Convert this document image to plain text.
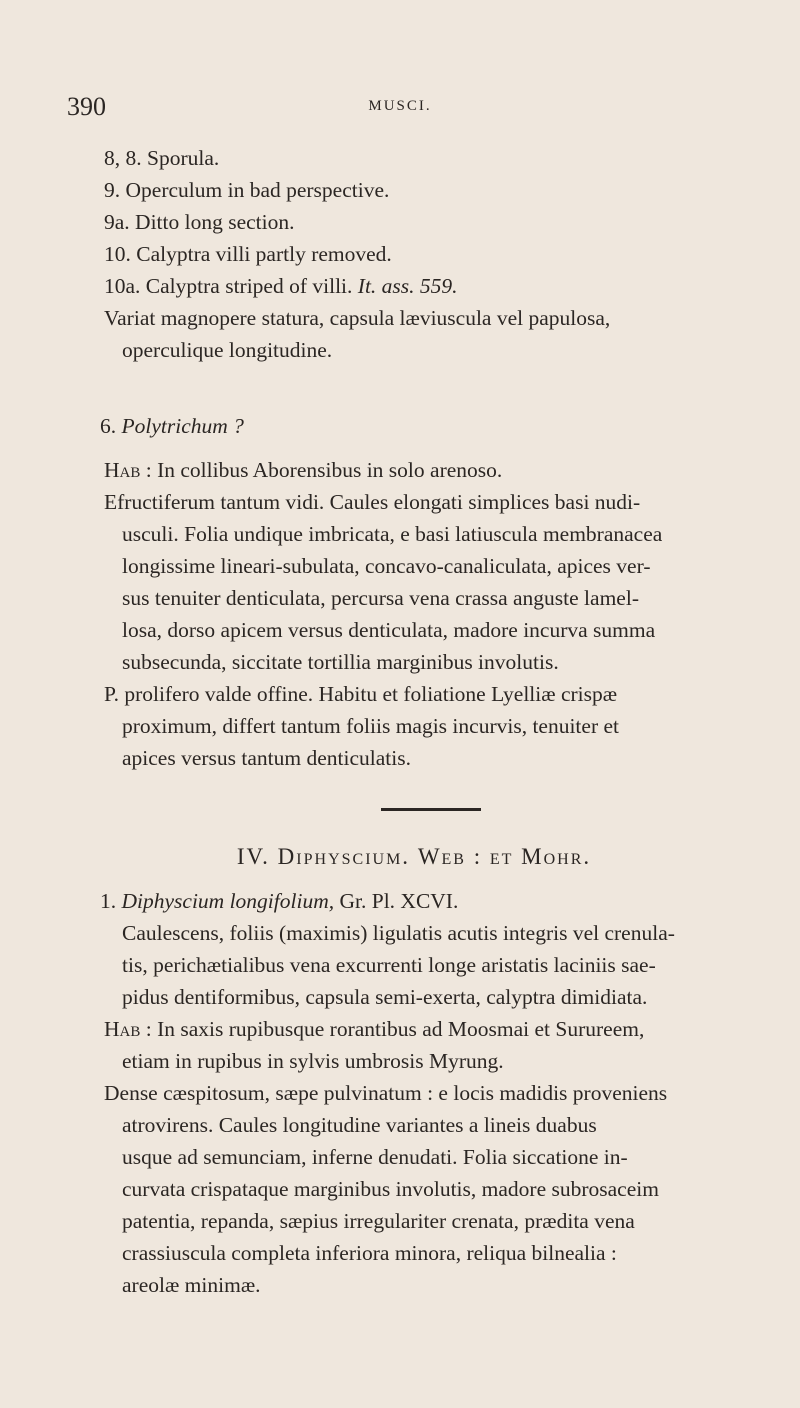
390	MUSCI.
8, 8. Sporula.
9. Operculum in bad perspective.
9a. Ditto long section.
10. Calyptra villi partly removed.
10a. Calyptra striped of villi. It. ass. 559.
Variat magnopere statura, capsula læviuscula vel papulosa,
operculique longitudine.
6. Polytrichum ?
Hab : In collibus Aborensibus in solo arenoso.
Efructiferum tantum vidi. Caules elongati simplices basi nudi-
usculi. Folia undique imbricata, e basi latiuscula membranacea
longissime lineari-subulata, concavo-canaliculata, apices ver-
sus tenuiter denticulata, percursa vena crassa anguste lamel-
losa, dorso apicem versus denticulata, madore incurva summa
subsecunda, siccitate tortillia marginibus involutis.
P. prolifero valde offine. Habitu et foliatione Lyelliæ crispæ
proximum, differt tantum foliis magis incurvis, tenuiter et
apices versus tantum denticulatis.
IV. Diphyscium. Web : et Mohr.
1. Diphyscium longifolium, Gr. Pl. XCVI.
Caulescens, foliis (maximis) ligulatis acutis integris vel crenula-
tis, perichætialibus vena excurrenti longe aristatis laciniis sae-
pidus dentiformibus, capsula semi-exerta, calyptra dimidiata.
Hab : In saxis rupibusque rorantibus ad Moosmai et Surureem,
etiam in rupibus in sylvis umbrosis Myrung.
Dense cæspitosum, sæpe pulvinatum : e locis madidis proveniens
atrovirens. Caules longitudine variantes a lineis duabus
usque ad semunciam, inferne denudati. Folia siccatione in-
curvata crispataque marginibus involutis, madore subrosaceim
patentia, repanda, sæpius irregulariter crenata, prædita vena
crassiuscula completa inferiora minora, reliqua bilnealia :
areolæ minimæ.
